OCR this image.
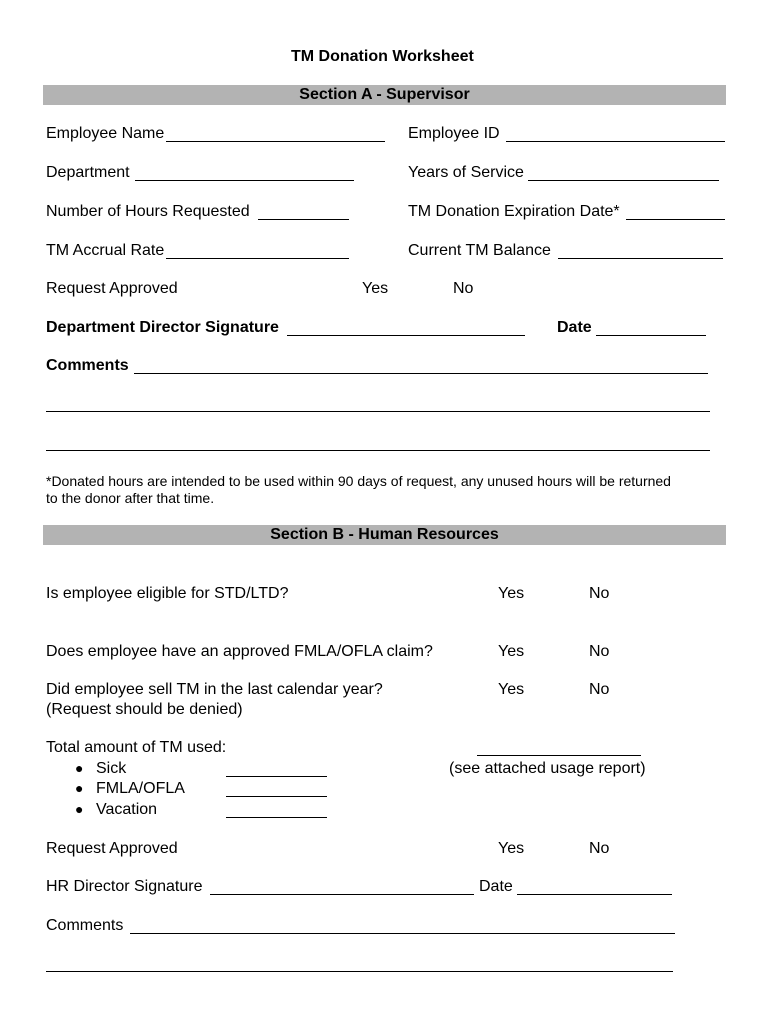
TM Donation Worksheet
Section A - Supervisor
Employee Name	Employee ID
Department	Years of Service
Number of Hours Requested	TM Donation Expiration Date*
TM Accrual Rate	Current TM Balance
Request Approved	Yes	No
Department Director Signature	Date
Comments
*Donated hours are intended to be used within 90 days of request, any unused hours will be returned
to the donor after that time.
Section B - Human Resources
Is employee eligible for STD/LTD?	Yes	No
Does employee have an approved FMLA/OFLA claim?	Yes	No
Did employee sell TM in the last calendar year?	Yes	No
(Request should be denied)
Total amount of TM used:
(see attached usage report)
● Sick
● FMLA/OFLA
● Vacation
Request Approved	Yes	No
HR Director Signature	Date
Comments
